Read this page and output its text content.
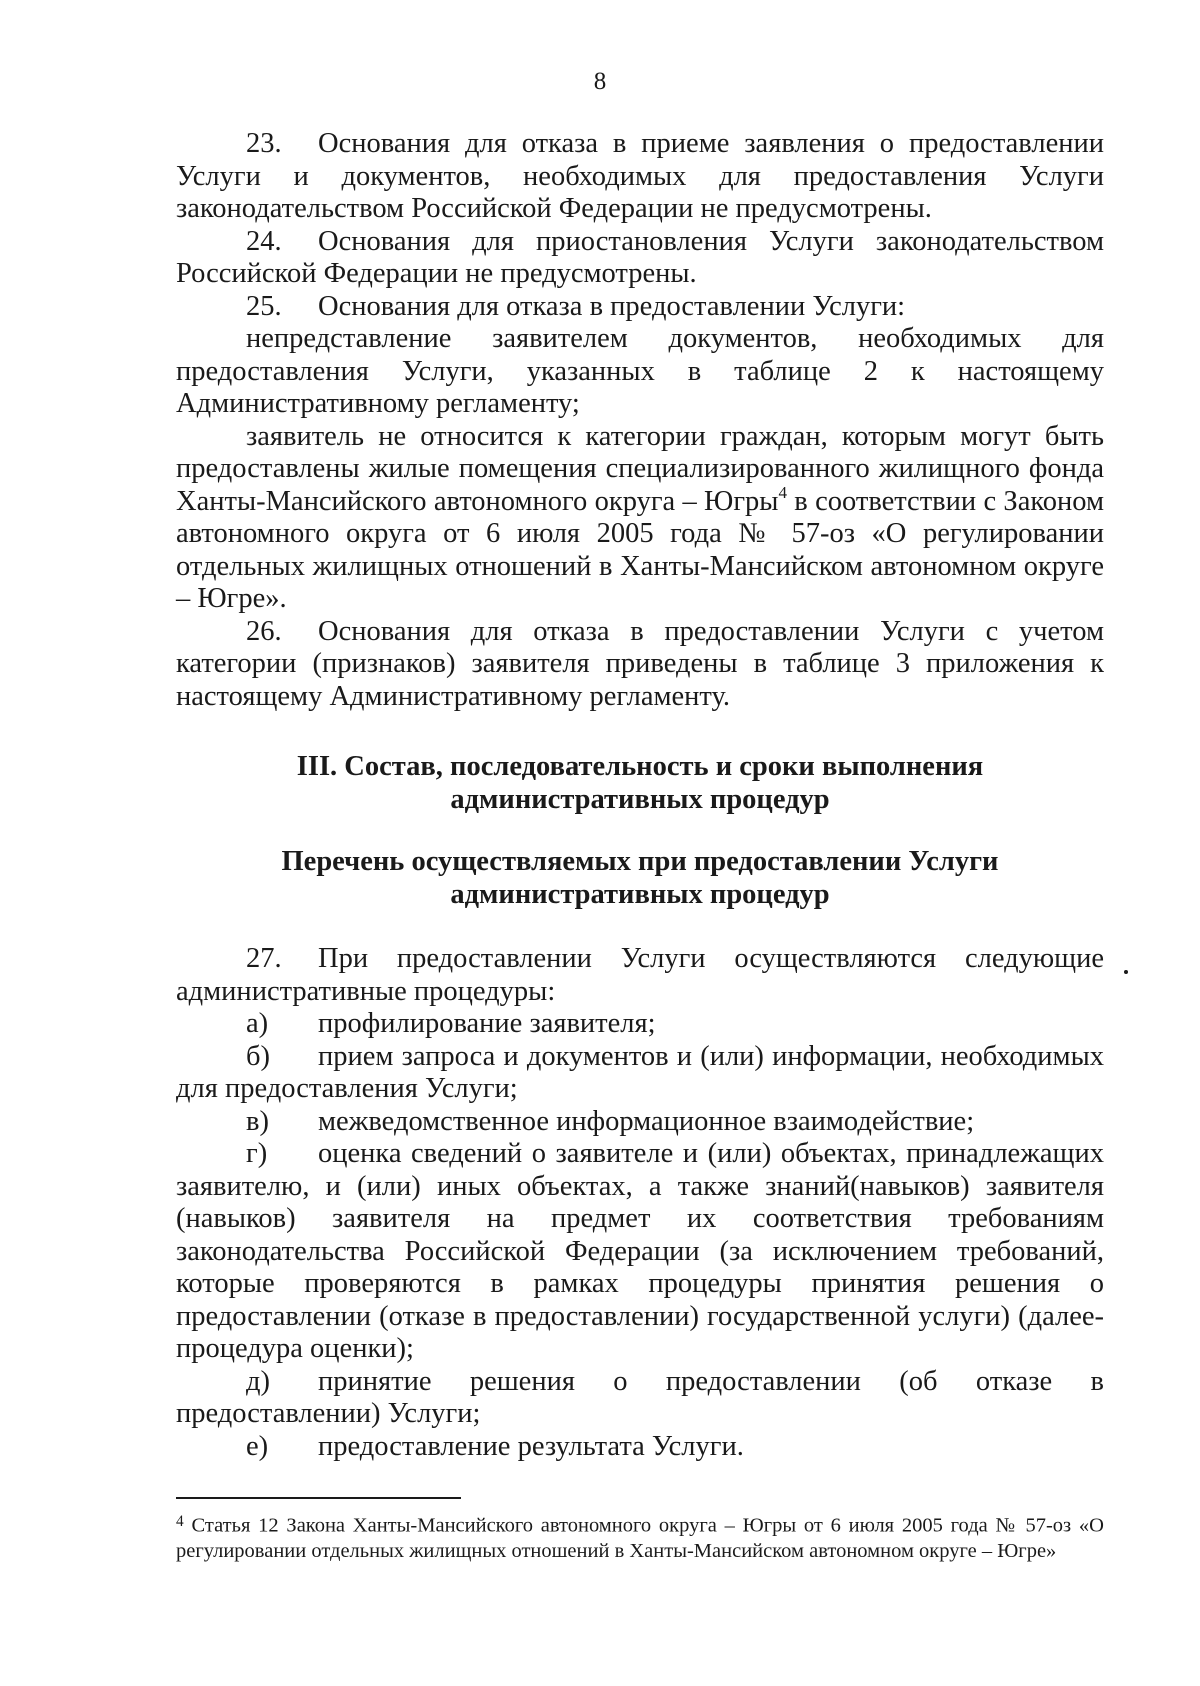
8

23. Основания для отказа в приеме заявления о предоставлении Услуги и документов, необходимых для предоставления Услуги законодательством Российской Федерации не предусмотрены.

24. Основания для приостановления Услуги законодательством Российской Федерации не предусмотрены.

25. Основания для отказа в предоставлении Услуги:

непредставление заявителем документов, необходимых для предоставления Услуги, указанных в таблице 2 к настоящему Административному регламенту;

заявитель не относится к категории граждан, которым могут быть предоставлены жилые помещения специализированного жилищного фонда Ханты-Мансийского автономного округа – Югры$^4$ в соответствии с Законом автономного округа от 6 июля 2005 года № 57-оз «О регулировании отдельных жилищных отношений в Ханты-Мансийском автономном округе – Югре».

26. Основания для отказа в предоставлении Услуги с учетом категории (признаков) заявителя приведены в таблице 3 приложения к настоящему Административному регламенту.

III. Состав, последовательность и сроки выполнения административных процедур
Перечень осуществляемых при предоставлении Услуги административных процедур

27. При предоставлении Услуги осуществляются следующие административные процедуры:

а) профилирование заявителя;

б) прием запроса и документов и (или) информации, необходимых для предоставления Услуги;

в) межведомственное информационное взаимодействие;

г) оценка сведений о заявителе и (или) объектах, принадлежащих заявителю, и (или) иных объектах, а также знаний(навыков) заявителя (навыков) заявителя на предмет их соответствия требованиям законодательства Российской Федерации (за исключением требований, которые проверяются в рамках процедуры принятия решения о предоставлении (отказе в предоставлении) государственной услуги) (далее-процедура оценки);

д) принятие решения о предоставлении (об отказе в предоставлении) Услуги;

е) предоставление результата Услуги.

$^4$ Статья 12 Закона Ханты-Мансийского автономного округа – Югры от 6 июля 2005 года № 57-оз «О регулировании отдельных жилищных отношений в Ханты-Мансийском автономном округе – Югре»
